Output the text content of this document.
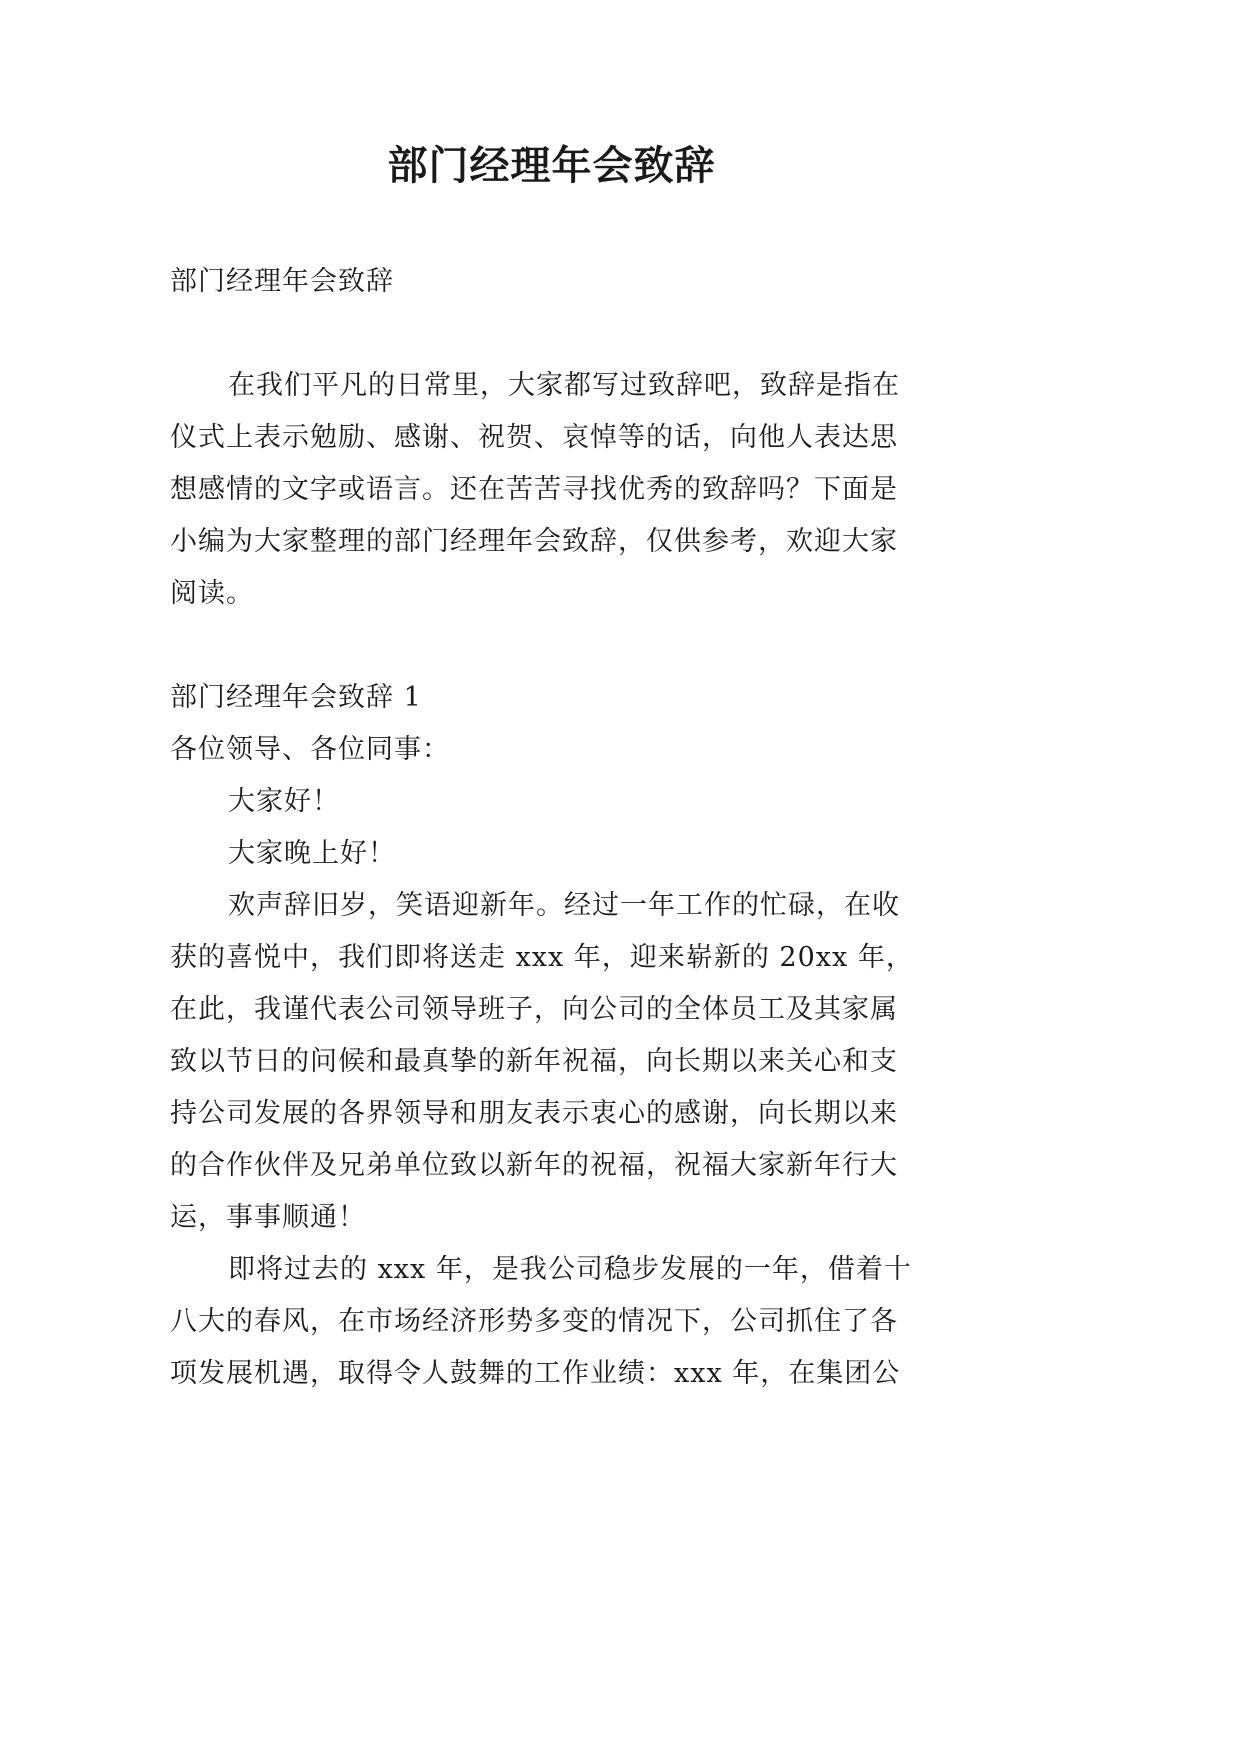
部门经理年会致辞

部门经理年会致辞

在我们平凡的日常里，大家都写过致辞吧，致辞是指在

仪式上表示勉励、感谢、祝贺、哀悼等的话，向他人表达思

想感情的文字或语言。还在苦苦寻找优秀的致辞吗？下面是

小编为大家整理的部门经理年会致辞，仅供参考，欢迎大家

阅读。

部门经理年会致辞 1

各位领导、各位同事：

大家好！

大家晚上好！

欢声辞旧岁，笑语迎新年。经过一年工作的忙碌，在收

获的喜悦中，我们即将送走 xxx 年，迎来崭新的 20xx 年，

在此，我谨代表公司领导班子，向公司的全体员工及其家属

致以节日的问候和最真挚的新年祝福，向长期以来关心和支

持公司发展的各界领导和朋友表示衷心的感谢，向长期以来

的合作伙伴及兄弟单位致以新年的祝福，祝福大家新年行大

运，事事顺通！

即将过去的 xxx 年，是我公司稳步发展的一年，借着十

八大的春风，在市场经济形势多变的情况下，公司抓住了各

项发展机遇，取得令人鼓舞的工作业绩：xxx 年，在集团公
